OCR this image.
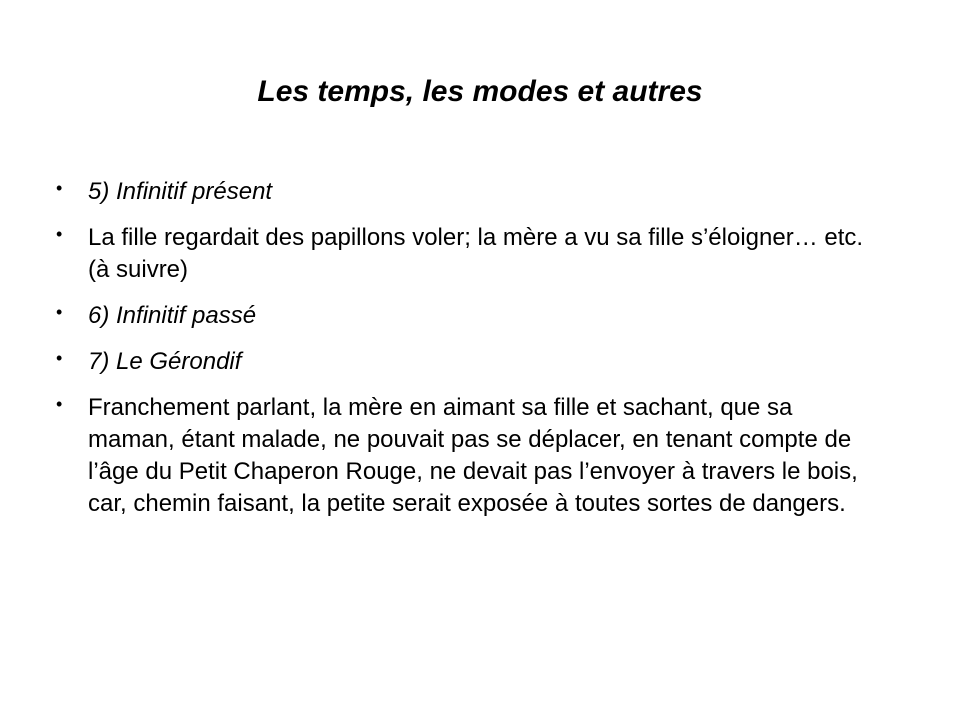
Les temps, les modes et autres
• 5) Infinitif présent
• La fille regardait des papillons voler; la mère a vu sa fille s’éloigner… etc. (à suivre)
• 6) Infinitif passé
• 7) Le Gérondif
• Franchement parlant, la mère en aimant sa fille et sachant, que sa maman, étant malade, ne pouvait pas se déplacer, en tenant compte de l’âge du Petit Chaperon Rouge, ne devait pas l’envoyer à travers le bois, car, chemin faisant, la petite serait exposée à toutes sortes de dangers.
